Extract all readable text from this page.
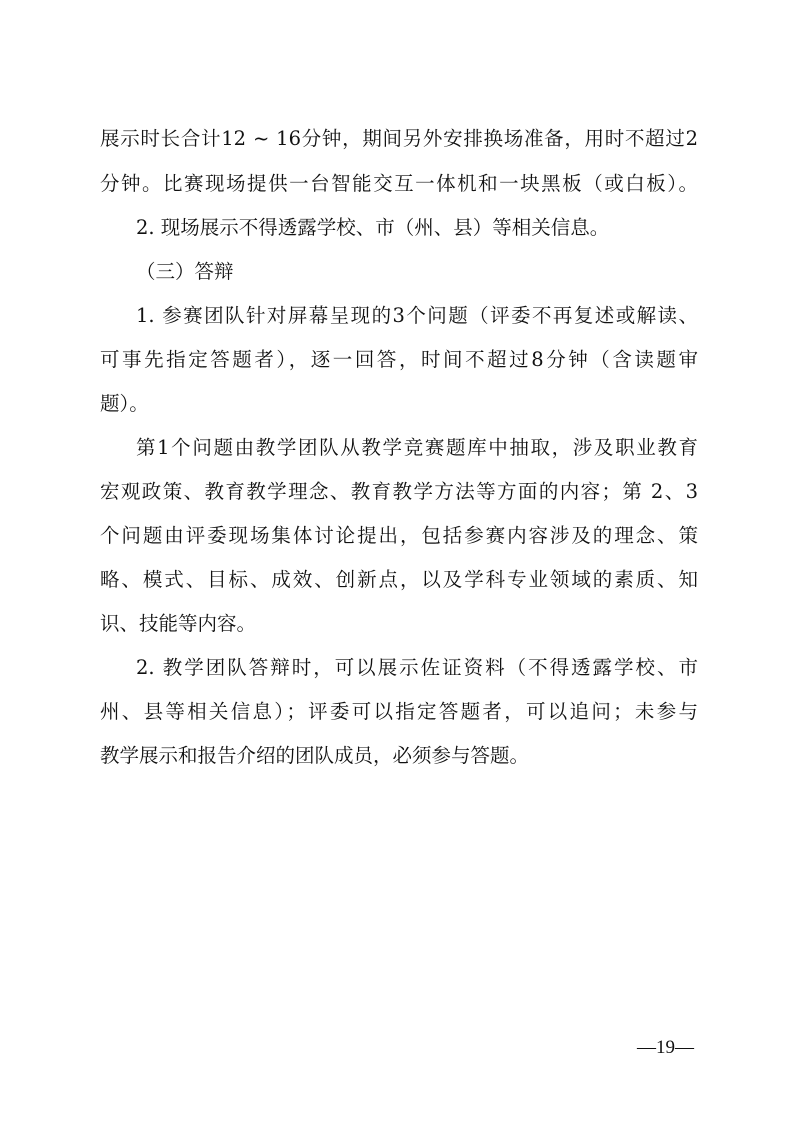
展示时长合计12 ~ 16分钟，期间另外安排换场准备，用时不超过2
分钟。比赛现场提供一台智能交互一体机和一块黑板（或白板）。
2. 现场展示不得透露学校、市（州、县）等相关信息。
（三）答辩
1. 参赛团队针对屏幕呈现的3个问题（评委不再复述或解读、
可事先指定答题者），逐一回答，时间不超过8分钟（含读题审
题）。
第1个问题由教学团队从教学竞赛题库中抽取，涉及职业教育
宏观政策、教育教学理念、教育教学方法等方面的内容；第 2、3
个问题由评委现场集体讨论提出，包括参赛内容涉及的理念、策
略、模式、目标、成效、创新点，以及学科专业领域的素质、知
识、技能等内容。
2. 教学团队答辩时，可以展示佐证资料（不得透露学校、市
州、县等相关信息）；评委可以指定答题者，可以追问；未参与
教学展示和报告介绍的团队成员，必须参与答题。
—19—
